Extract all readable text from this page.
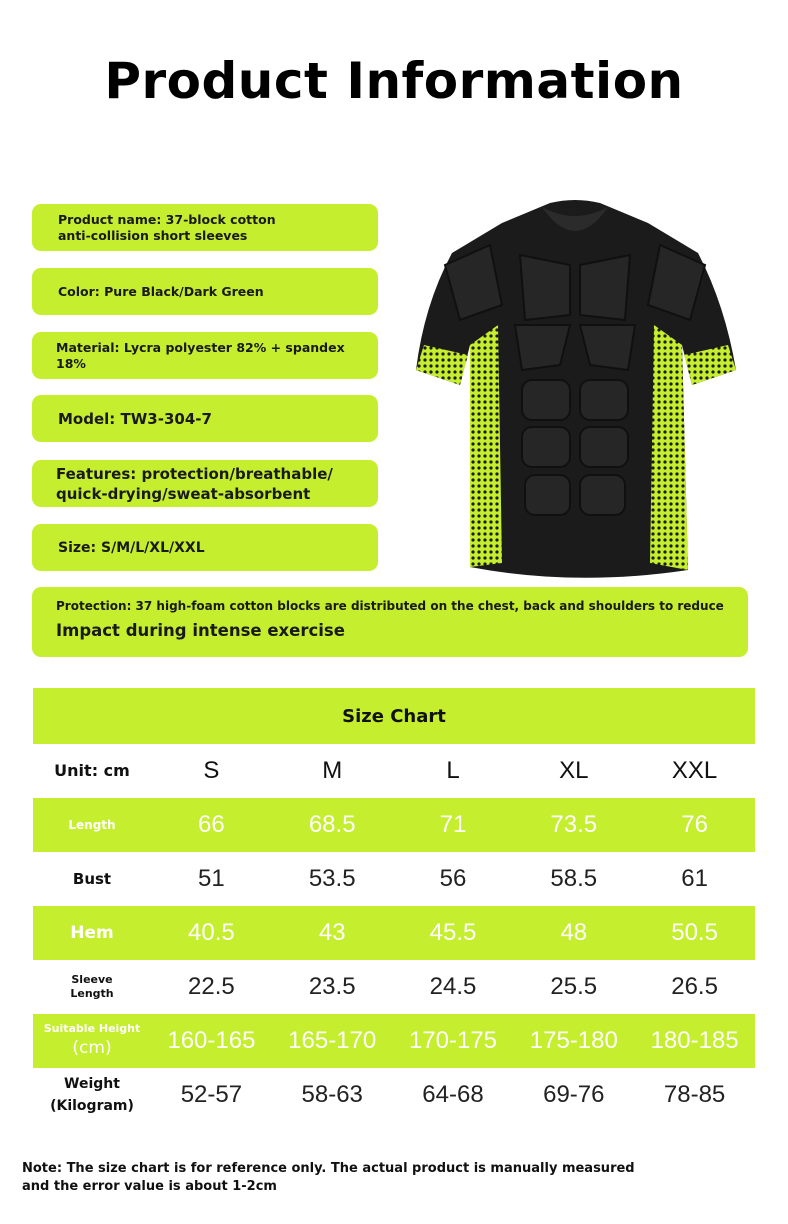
Product Information
Product name: 37-block cotton anti-collision short sleeves
Color: Pure Black/Dark Green
Material: Lycra polyester 82% + spandex 18%
Model: TW3-304-7
Features: protection/breathable/ quick-drying/sweat-absorbent
Size: S/M/L/XL/XXL
Protection: 37 high-foam cotton blocks are distributed on the chest, back and shoulders to reduce
Impact during intense exercise
Size Chart					
Unit: cm	S	M	L	XL	XXL
Length	66	68.5	71	73.5	76
Bust	51	53.5	56	58.5	61
Hem	40.5	43	45.5	48	50.5

Sleeve Length	22.5	23.5	24.5	25.5	26.5

Suitable Height
(cm)	160-165	165-170	170-175	175-180	180-185

Weight
(Kilogram)	52-57	58-63	64-68	69-76	78-85
Note: The size chart is for reference only. The actual product is manually measured and the error value is about 1-2cm
